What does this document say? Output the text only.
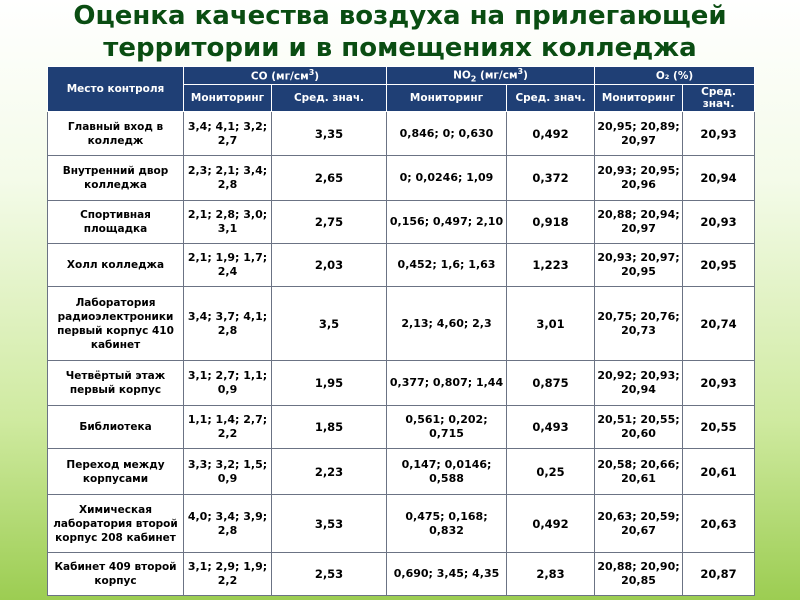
Оценка качества воздуха на прилегающей
территории и в помещениях колледжа
Место контроля	CO $(мг/см^3)$		$NO_2$ $(мг/см^3)$		O₂ (%)	
	Мониторинг	Сред. знач.	Мониторинг	Сред. знач.	Мониторинг	Сред. знач.
Главный вход в колледж	3,4; 4,1; 3,2; 2,7	3,35	0,846; 0; 0,630	0,492	20,95; 20,89; 20,97	20,93
Внутренний двор колледжа	2,3; 2,1; 3,4; 2,8	2,65	0; 0,0246; 1,09	0,372	20,93; 20,95; 20,96	20,94
Спортивная площадка	2,1; 2,8; 3,0; 3,1	2,75	0,156; 0,497; 2,10	0,918	20,88; 20,94; 20,97	20,93
Холл колледжа	2,1; 1,9; 1,7; 2,4	2,03	0,452; 1,6; 1,63	1,223	20,93; 20,97; 20,95	20,95
Лаборатория радиоэлектроники первый корпус 410 кабинет	3,4; 3,7; 4,1; 2,8	3,5	2,13; 4,60; 2,3	3,01	20,75; 20,76; 20,73	20,74
Четвёртый этаж первый корпус	3,1; 2,7; 1,1; 0,9	1,95	0,377; 0,807; 1,44	0,875	20,92; 20,93; 20,94	20,93
Библиотека	1,1; 1,4; 2,7; 2,2	1,85	0,561; 0,202; 0,715	0,493	20,51; 20,55; 20,60	20,55
Переход между корпусами	3,3; 3,2; 1,5; 0,9	2,23	0,147; 0,0146; 0,588	0,25	20,58; 20,66; 20,61	20,61
Химическая лаборатория второй корпус 208 кабинет	4,0; 3,4; 3,9; 2,8	3,53	0,475; 0,168; 0,832	0,492	20,63; 20,59; 20,67	20,63
Кабинет 409 второй корпус	3,1; 2,9; 1,9; 2,2	2,53	0,690; 3,45; 4,35	2,83	20,88; 20,90; 20,85	20,87
